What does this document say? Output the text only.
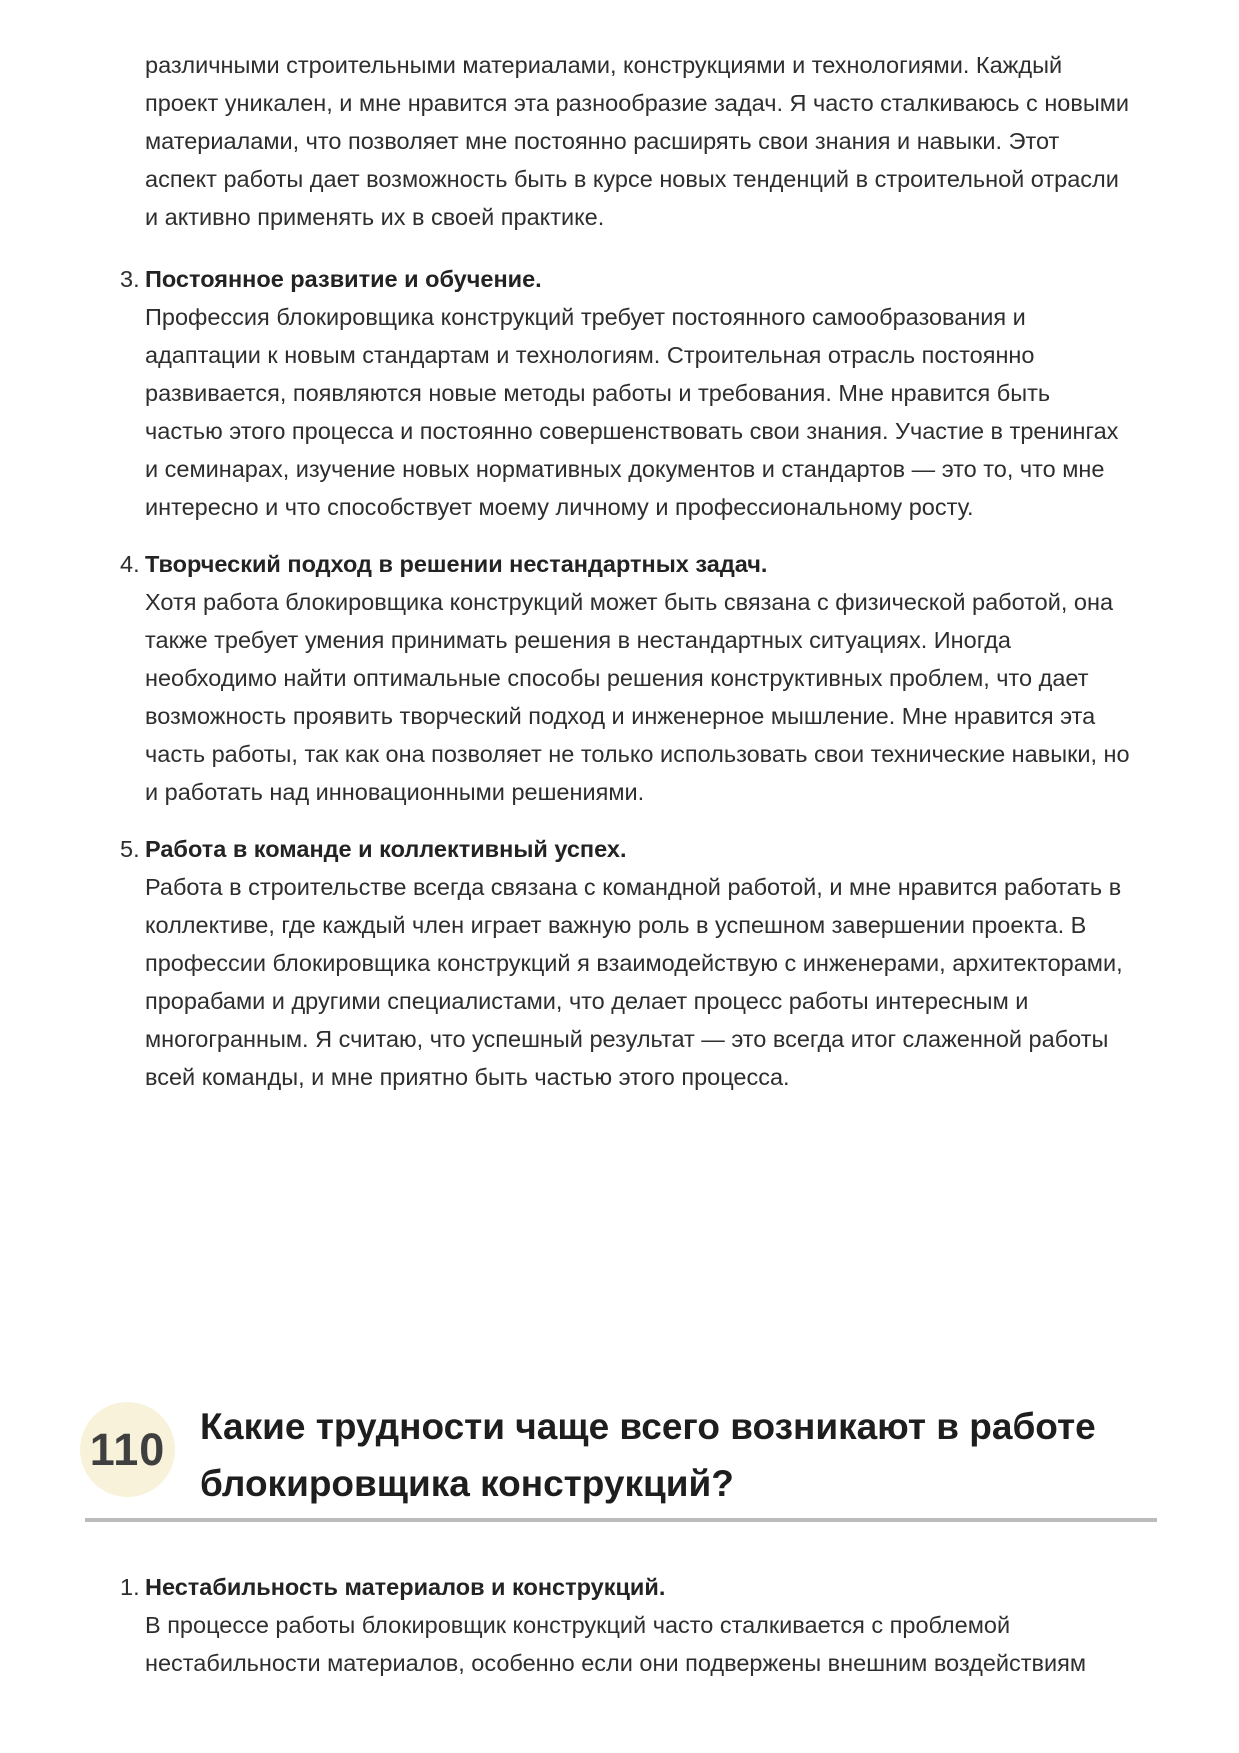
различными строительными материалами, конструкциями и технологиями. Каждый проект уникален, и мне нравится эта разнообразие задач. Я часто сталкиваюсь с новыми материалами, что позволяет мне постоянно расширять свои знания и навыки. Этот аспект работы дает возможность быть в курсе новых тенденций в строительной отрасли и активно применять их в своей практике.

3. Постоянное развитие и обучение.
Профессия блокировщика конструкций требует постоянного самообразования и адаптации к новым стандартам и технологиям. Строительная отрасль постоянно развивается, появляются новые методы работы и требования. Мне нравится быть частью этого процесса и постоянно совершенствовать свои знания. Участие в тренингах и семинарах, изучение новых нормативных документов и стандартов — это то, что мне интересно и что способствует моему личному и профессиональному росту.
4. Творческий подход в решении нестандартных задач.
Хотя работа блокировщика конструкций может быть связана с физической работой, она также требует умения принимать решения в нестандартных ситуациях. Иногда необходимо найти оптимальные способы решения конструктивных проблем, что дает возможность проявить творческий подход и инженерное мышление. Мне нравится эта часть работы, так как она позволяет не только использовать свои технические навыки, но и работать над инновационными решениями.
5. Работа в команде и коллективный успех.
Работа в строительстве всегда связана с командной работой, и мне нравится работать в коллективе, где каждый член играет важную роль в успешном завершении проекта. В профессии блокировщика конструкций я взаимодействую с инженерами, архитекторами, прорабами и другими специалистами, что делает процесс работы интересным и многогранным. Я считаю, что успешный результат — это всегда итог слаженной работы всей команды, и мне приятно быть частью этого процесса.
110 Какие трудности чаще всего возникают в работе блокировщика конструкций?
1. Нестабильность материалов и конструкций.
В процессе работы блокировщик конструкций часто сталкивается с проблемой нестабильности материалов, особенно если они подвержены внешним воздействиям
